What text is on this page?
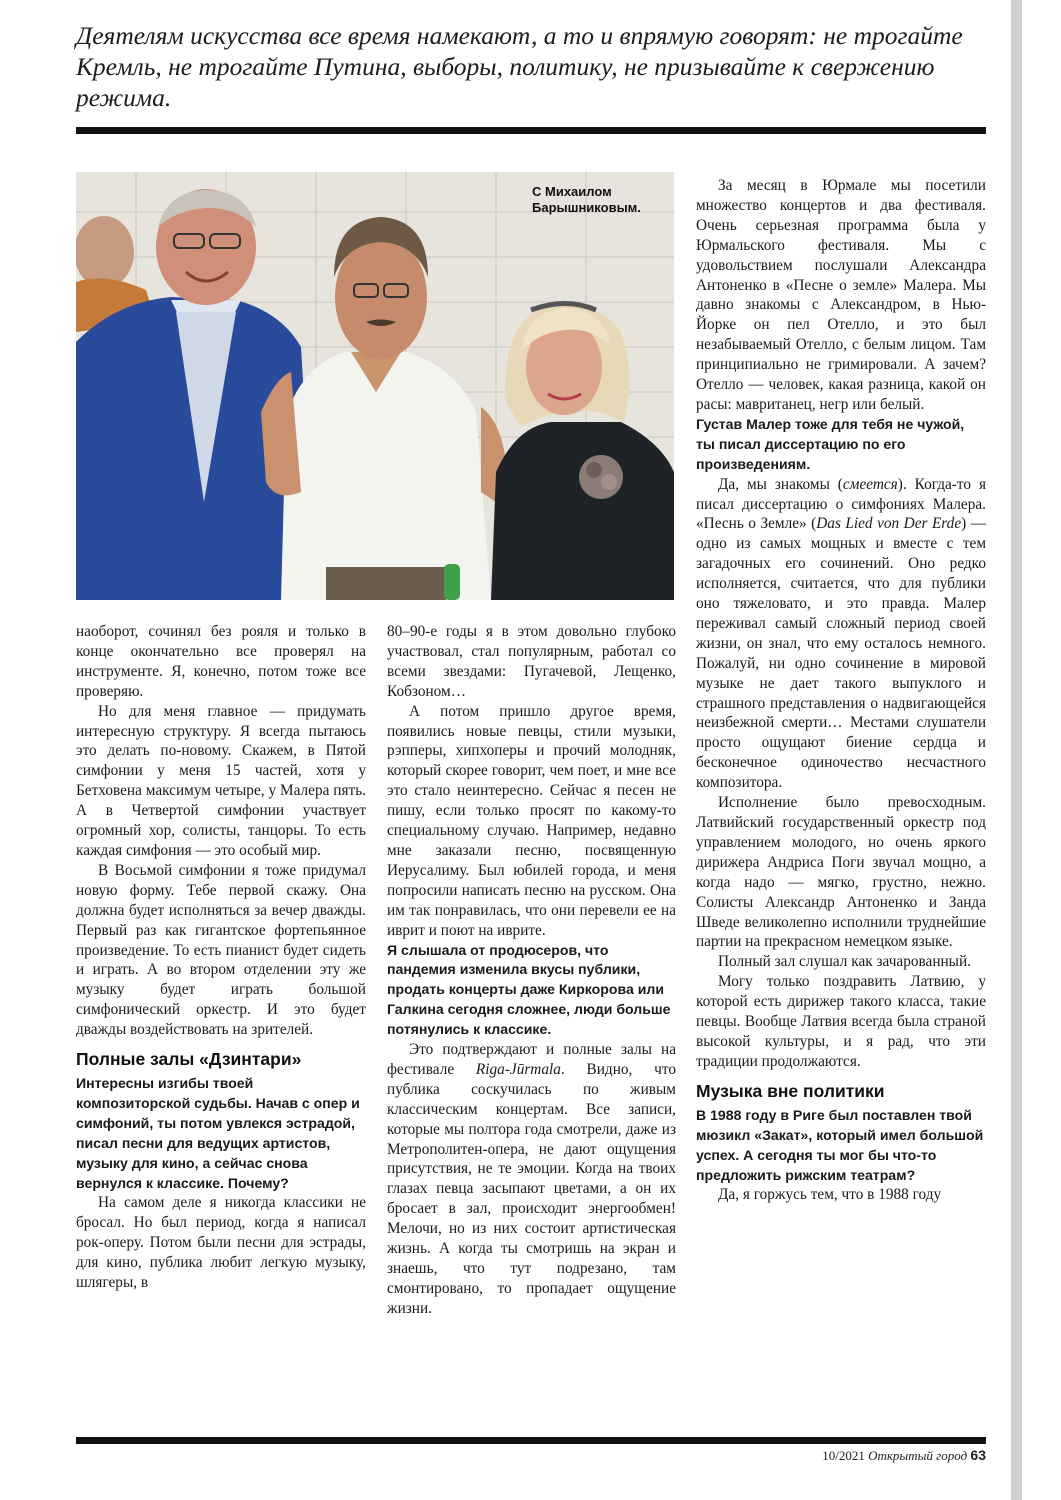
Деятелям искусства все время намекают, а то и впрямую говорят: не трогайте Кремль, не трогайте Путина, выборы, политику, не призывайте к свержению режима.
С Михаилом
Барышниковым.

наоборот, сочинял без рояля и только в конце окончательно все проверял на инструменте. Я, конечно, потом тоже все проверяю.

Но для меня главное — придумать интересную структуру. Я всегда пытаюсь это делать по-новому. Скажем, в Пятой симфонии у меня 15 частей, хотя у Бетховена максимум четыре, у Малера пять. А в Четвертой симфонии участвует огромный хор, солисты, танцоры. То есть каждая симфония — это особый мир.

В Восьмой симфонии я тоже придумал новую форму. Тебе первой скажу. Она должна будет исполняться за вечер дважды. Первый раз как гигантское фортепьянное произведение. То есть пианист будет сидеть и играть. А во втором отделении эту же музыку будет играть большой симфонический оркестр. И это будет дважды воздействовать на зрителей.

Полные залы «Дзинтари»

Интересны изгибы твоей композиторской судьбы. Начав с опер и симфоний, ты потом увлекся эстрадой, писал песни для ведущих артистов, музыку для кино, а сейчас снова вернулся к классике. Почему?

На самом деле я никогда классики не бросал. Но был период, когда я написал рок-оперу. Потом были песни для эстрады, для кино, публика любит легкую музыку, шлягеры, в

80–90-е годы я в этом довольно глубоко участвовал, стал популярным, работал со всеми звездами: Пугачевой, Лещенко, Кобзоном…

А потом пришло другое время, появились новые певцы, стили музыки, рэпперы, хипхоперы и прочий молодняк, который скорее говорит, чем поет, и мне все это стало неинтересно. Сейчас я песен не пишу, если только просят по какому-то специальному случаю. Например, недавно мне заказали песню, посвященную Иерусалиму. Был юбилей города, и меня попросили написать песню на русском. Она им так понравилась, что они перевели ее на иврит и поют на иврите.

Я слышала от продюсеров, что пандемия изменила вкусы публики, продать концерты даже Киркорова или Галкина сегодня сложнее, люди больше потянулись к классике.

Это подтверждают и полные залы на фестивале Riga-Jūrmala. Видно, что публика соскучилась по живым классическим концертам. Все записи, которые мы полтора года смотрели, даже из Метрополитен-опера, не дают ощущения присутствия, не те эмоции. Когда на твоих глазах певца засыпают цветами, а он их бросает в зал, происходит энергообмен! Мелочи, но из них состоит артистическая жизнь. А когда ты смотришь на экран и знаешь, что тут подрезано, там смонтировано, то пропадает ощущение жизни.

За месяц в Юрмале мы посетили множество концертов и два фестиваля. Очень серьезная программа была у Юрмальского фестиваля. Мы с удовольствием послушали Александра Антоненко в «Песне о земле» Малера. Мы давно знакомы с Александром, в Нью-Йорке он пел Отелло, и это был незабываемый Отелло, с белым лицом. Там принципиально не гримировали. А зачем? Отелло — человек, какая разница, какой он расы: мавританец, негр или белый.

Густав Малер тоже для тебя не чужой, ты писал диссертацию по его произведениям.

Да, мы знакомы (смеется). Когда-то я писал диссертацию о симфониях Малера. «Песнь о Земле» (Das Lied von Der Erde) — одно из самых мощных и вместе с тем загадочных его сочинений. Оно редко исполняется, считается, что для публики оно тяжеловато, и это правда. Малер переживал самый сложный период своей жизни, он знал, что ему осталось немного. Пожалуй, ни одно сочинение в мировой музыке не дает такого выпуклого и страшного представления о надвигающейся неизбежной смерти… Местами слушатели просто ощущают биение сердца и бесконечное одиночество несчастного композитора.

Исполнение было превосходным. Латвийский государственный оркестр под управлением молодого, но очень яркого дирижера Андриса Поги звучал мощно, а когда надо — мягко, грустно, нежно. Солисты Александр Антоненко и Занда Шведе великолепно исполнили труднейшие партии на прекрасном немецком языке.

Полный зал слушал как зачарованный.

Могу только поздравить Латвию, у которой есть дирижер такого класса, такие певцы. Вообще Латвия всегда была страной высокой культуры, и я рад, что эти традиции продолжаются.

Музыка вне политики

В 1988 году в Риге был поставлен твой мюзикл «Закат», который имел большой успех. А сегодня ты мог бы что-то предложить рижским театрам?

Да, я горжусь тем, что в 1988 году

10/2021 Открытый город 63
